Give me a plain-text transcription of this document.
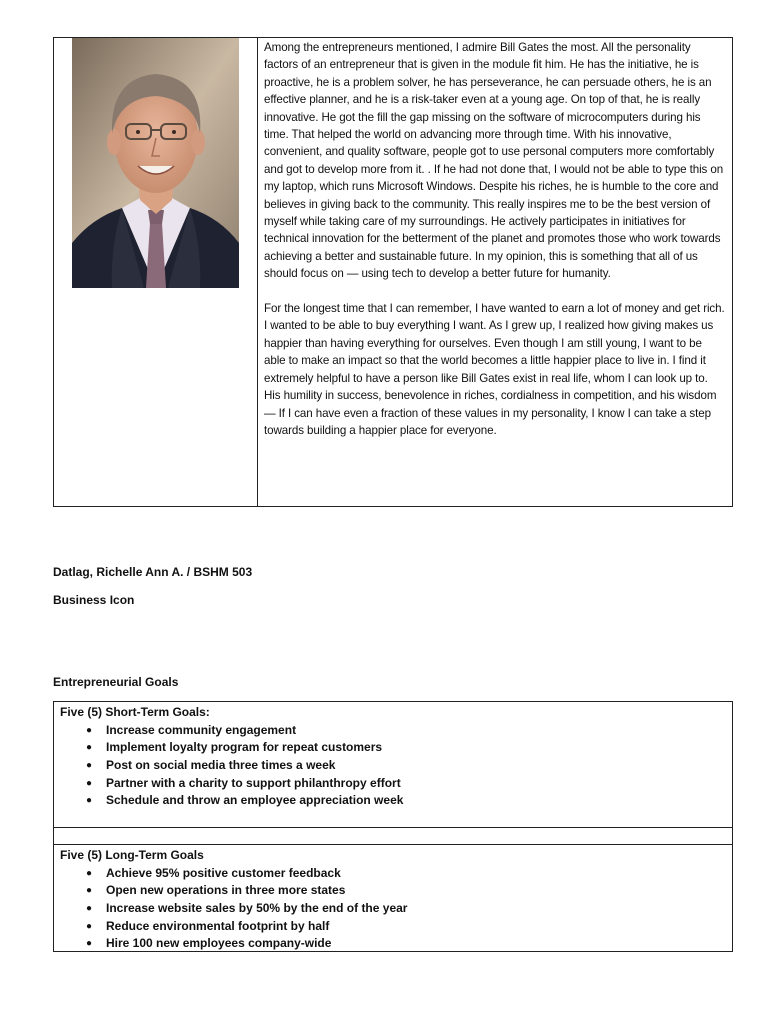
Among the entrepreneurs mentioned, I admire Bill Gates the most. All the personality factors of an entrepreneur that is given in the module fit him. He has the initiative, he is proactive, he is a problem solver, he has perseverance, he can persuade others, he is an effective planner, and he is a risk-taker even at a young age. On top of that, he is really innovative. He got the fill the gap missing on the software of microcomputers during his time. That helped the world on advancing more through time. With his innovative, convenient, and quality software, people got to use personal computers more comfortably and got to develop more from it. . If he had not done that, I would not be able to type this on my laptop, which runs Microsoft Windows. Despite his riches, he is humble to the core and believes in giving back to the community. This really inspires me to be the best version of myself while taking care of my surroundings. He actively participates in initiatives for technical innovation for the betterment of the planet and promotes those who work towards achieving a better and sustainable future. In my opinion, this is something that all of us should focus on — using tech to develop a better future for humanity.

For the longest time that I can remember, I have wanted to earn a lot of money and get rich. I wanted to be able to buy everything I want. As I grew up, I realized how giving makes us happier than having everything for ourselves. Even though I am still young, I want to be able to make an impact so that the world becomes a little happier place to live in. I find it extremely helpful to have a person like Bill Gates exist in real life, whom I can look up to. His humility in success, benevolence in riches, cordialness in competition, and his wisdom — If I can have even a fraction of these values in my personality, I know I can take a step towards building a happier place for everyone.

Datlag, Richelle Ann A. / BSHM 503
Business Icon
Entrepreneurial Goals
Five (5) Short-Term Goals:
● Increase community engagement
● Implement loyalty program for repeat customers
● Post on social media three times a week
● Partner with a charity to support philanthropy effort
● Schedule and throw an employee appreciation week
Five (5) Long-Term Goals
● Achieve 95% positive customer feedback
● Open new operations in three more states
● Increase website sales by 50% by the end of the year
● Reduce environmental footprint by half
● Hire 100 new employees company-wide
